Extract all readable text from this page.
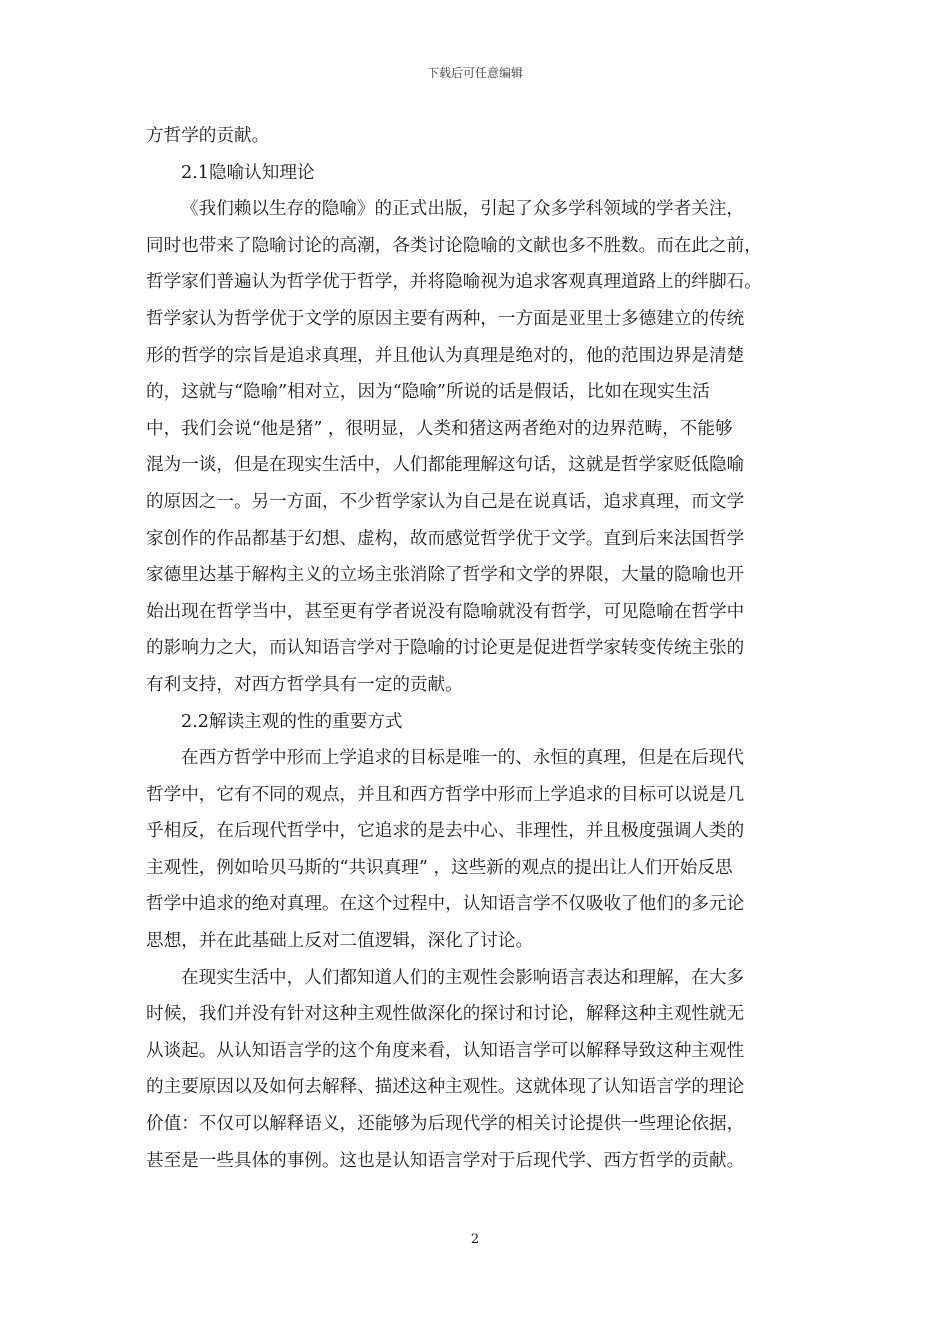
下载后可任意编辑

方哲学的贡献。

2.1隐喻认知理论

《我们赖以生存的隐喻》的正式出版，引起了众多学科领域的学者关注，
同时也带来了隐喻讨论的高潮，各类讨论隐喻的文献也多不胜数。而在此之前，
哲学家们普遍认为哲学优于哲学，并将隐喻视为追求客观真理道路上的绊脚石。
哲学家认为哲学优于文学的原因主要有两种，一方面是亚里士多德建立的传统
形的哲学的宗旨是追求真理，并且他认为真理是绝对的，他的范围边界是清楚
的，这就与“隐喻”相对立，因为“隐喻”所说的话是假话，比如在现实生活
中，我们会说“他是猪” ，很明显，人类和猪这两者绝对的边界范畴，不能够
混为一谈，但是在现实生活中，人们都能理解这句话，这就是哲学家贬低隐喻
的原因之一。另一方面，不少哲学家认为自己是在说真话，追求真理，而文学
家创作的作品都基于幻想、虚构，故而感觉哲学优于文学。直到后来法国哲学
家德里达基于解构主义的立场主张消除了哲学和文学的界限，大量的隐喻也开
始出现在哲学当中，甚至更有学者说没有隐喻就没有哲学，可见隐喻在哲学中
的影响力之大，而认知语言学对于隐喻的讨论更是促进哲学家转变传统主张的
有利支持，对西方哲学具有一定的贡献。

2.2解读主观的性的重要方式

在西方哲学中形而上学追求的目标是唯一的、永恒的真理，但是在后现代
哲学中，它有不同的观点，并且和西方哲学中形而上学追求的目标可以说是几
乎相反，在后现代哲学中，它追求的是去中心、非理性，并且极度强调人类的
主观性，例如哈贝马斯的“共识真理” ，这些新的观点的提出让人们开始反思
哲学中追求的绝对真理。在这个过程中，认知语言学不仅吸收了他们的多元论
思想，并在此基础上反对二值逻辑，深化了讨论。

在现实生活中，人们都知道人们的主观性会影响语言表达和理解，在大多
时候，我们并没有针对这种主观性做深化的探讨和讨论，解释这种主观性就无
从谈起。从认知语言学的这个角度来看，认知语言学可以解释导致这种主观性
的主要原因以及如何去解释、描述这种主观性。这就体现了认知语言学的理论
价值：不仅可以解释语义，还能够为后现代学的相关讨论提供一些理论依据，
甚至是一些具体的事例。这也是认知语言学对于后现代学、西方哲学的贡献。

2
